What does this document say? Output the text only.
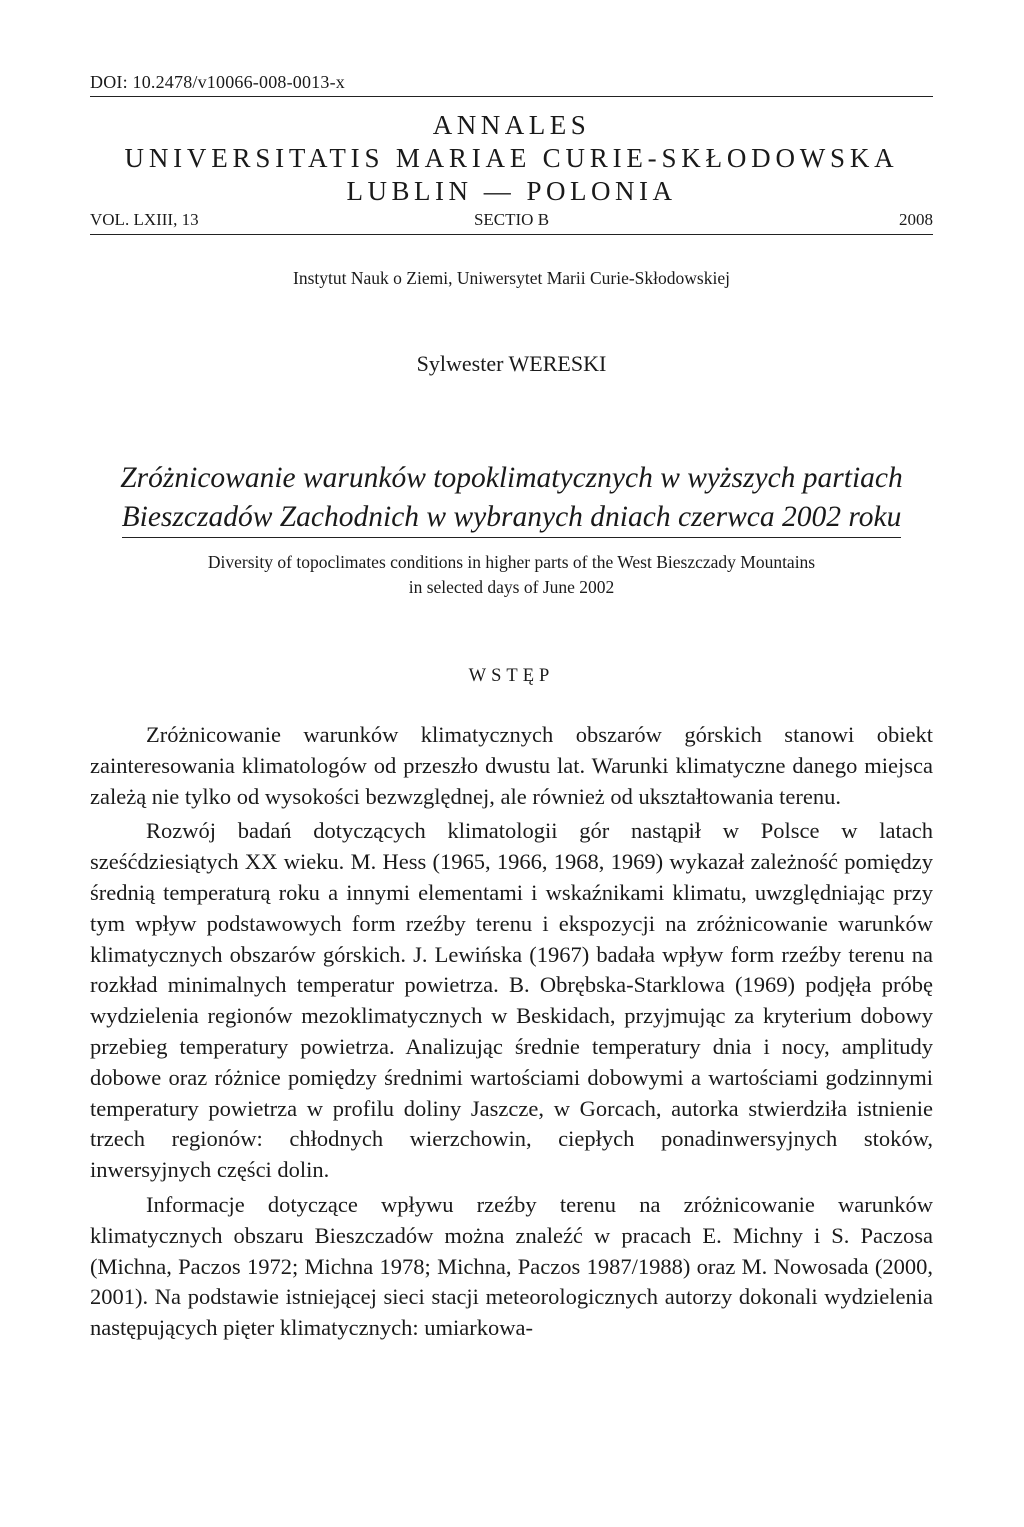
DOI: 10.2478/v10066-008-0013-x
ANNALES
UNIVERSITATIS MARIAE CURIE-SKŁODOWSKA
LUBLIN — POLONIA
SECTIO B
VOL. LXIII, 13	2008
Instytut Nauk o Ziemi, Uniwersytet Marii Curie-Skłodowskiej
Sylwester WERESKI
Zróżnicowanie warunków topoklimatycznych w wyższych partiach
Bieszczadów Zachodnich w wybranych dniach czerwca 2002 roku
Diversity of topoclimates conditions in higher parts of the West Bieszczady Mountains
in selected days of June 2002
WSTĘP

Zróżnicowanie warunków klimatycznych obszarów górskich stanowi obiekt zainteresowania klimatologów od przeszło dwustu lat. Warunki klimatyczne danego miejsca zależą nie tylko od wysokości bezwzględnej, ale również od ukształtowania terenu.

Rozwój badań dotyczących klimatologii gór nastąpił w Polsce w latach sześćdziesiątych XX wieku. M. Hess (1965, 1966, 1968, 1969) wykazał zależność pomiędzy średnią temperaturą roku a innymi elementami i wskaźnikami klimatu, uwzględniając przy tym wpływ podstawowych form rzeźby terenu i ekspozycji na zróżnicowanie warunków klimatycznych obszarów górskich. J. Lewińska (1967) badała wpływ form rzeźby terenu na rozkład minimalnych temperatur powietrza. B. Obrębska-Starklowa (1969) podjęła próbę wydzielenia regionów mezoklimatycznych w Beskidach, przyjmując za kryterium dobowy przebieg temperatury powietrza. Analizując średnie temperatury dnia i nocy, amplitudy dobowe oraz różnice pomiędzy średnimi wartościami dobowymi a wartościami godzinnymi temperatury powietrza w profilu doliny Jaszcze, w Gorcach, autorka stwierdziła istnienie trzech regionów: chłodnych wierzchowin, ciepłych ponadinwersyjnych stoków, inwersyjnych części dolin.

Informacje dotyczące wpływu rzeźby terenu na zróżnicowanie warunków klimatycznych obszaru Bieszczadów można znaleźć w pracach E. Michny i S. Paczosa (Michna, Paczos 1972; Michna 1978; Michna, Paczos 1987/1988) oraz M. Nowosada (2000, 2001). Na podstawie istniejącej sieci stacji meteorologicznych autorzy dokonali wydzielenia następujących pięter klimatycznych: umiarkowa-
